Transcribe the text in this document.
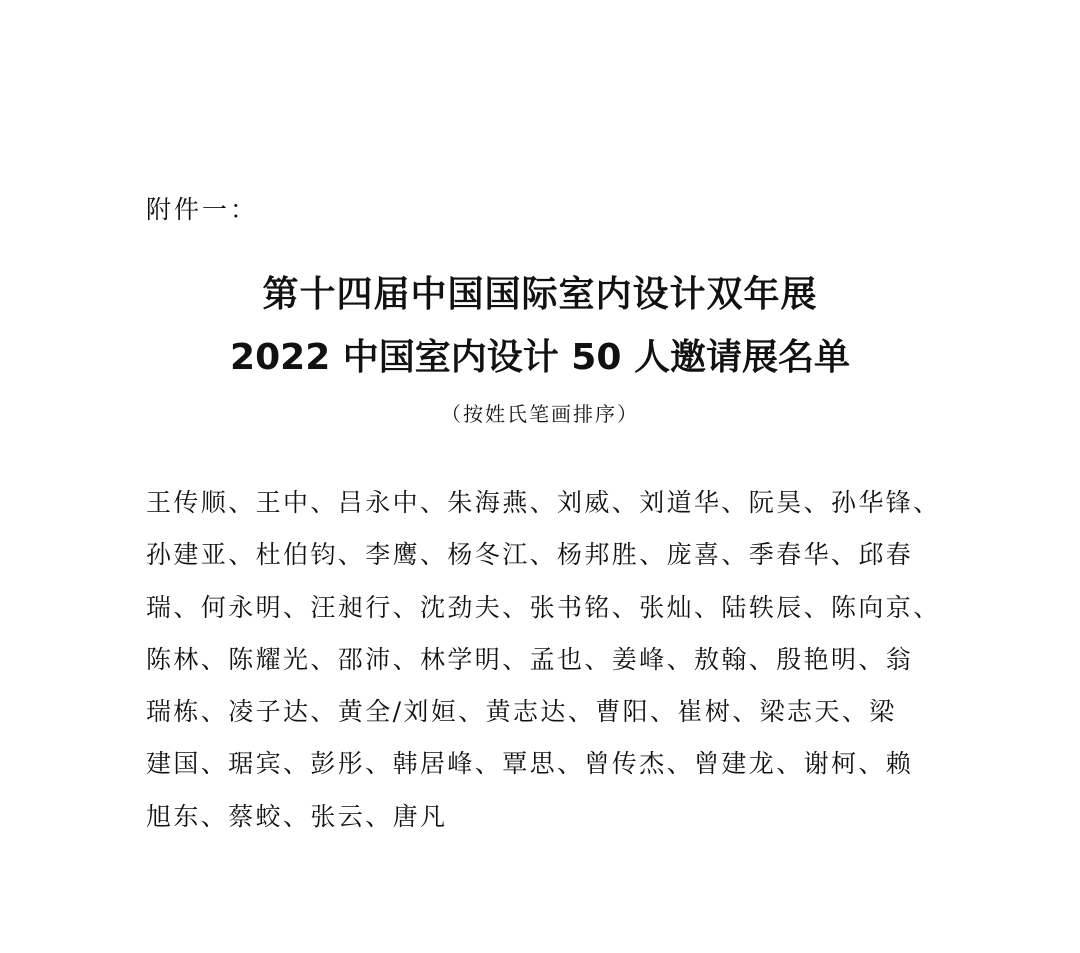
附件一：
第十四届中国国际室内设计双年展
2022 中国室内设计 50 人邀请展名单
（按姓氏笔画排序）
王传顺、王中、吕永中、朱海燕、刘威、刘道华、阮昊、孙华锋、
孙建亚、杜伯钧、李鹰、杨冬江、杨邦胜、庞喜、季春华、邱春
瑞、何永明、汪昶行、沈劲夫、张书铭、张灿、陆轶辰、陈向京、
陈林、陈耀光、邵沛、林学明、孟也、姜峰、敖翰、殷艳明、翁
瑞栋、凌子达、黄全/刘姮、黄志达、曹阳、崔树、梁志天、梁
建国、琚宾、彭彤、韩居峰、覃思、曾传杰、曾建龙、谢柯、赖
旭东、蔡蛟、张云、唐凡
